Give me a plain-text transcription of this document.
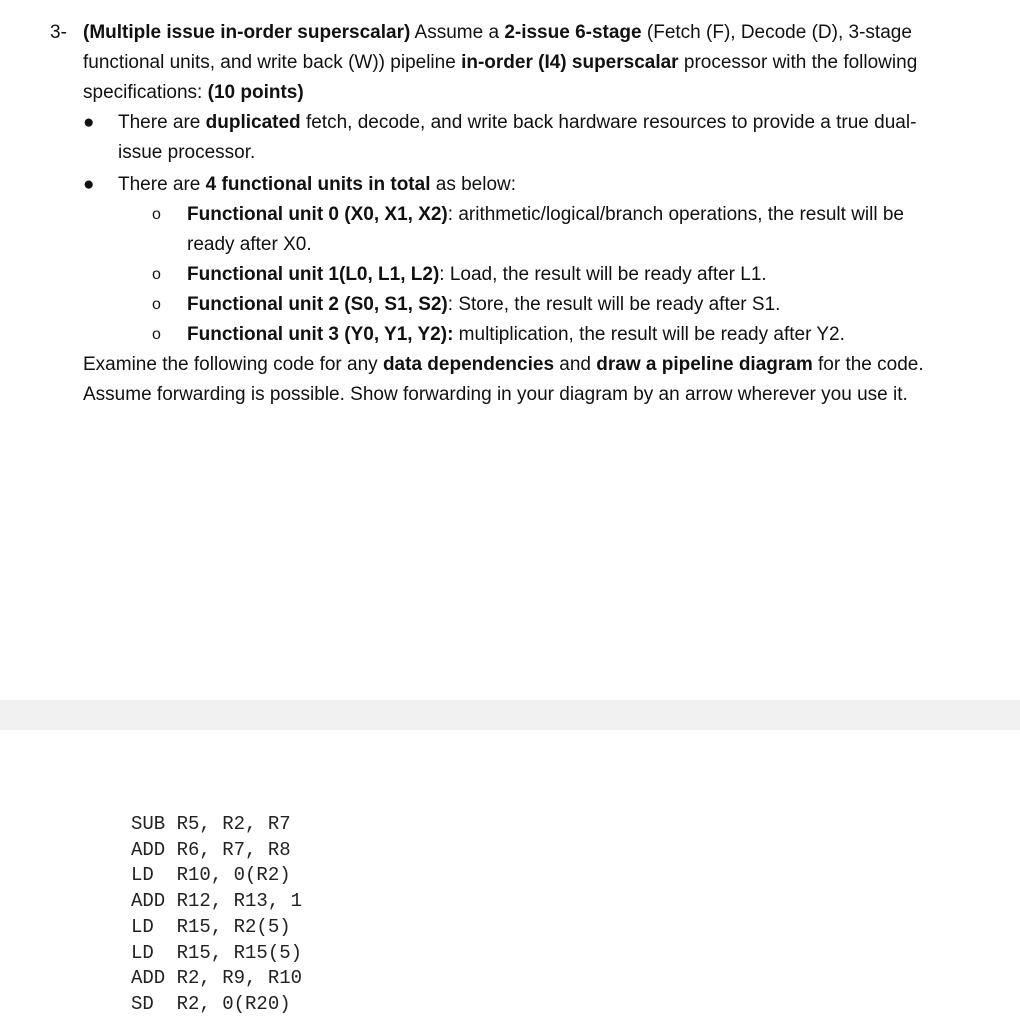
3- (Multiple issue in-order superscalar) Assume a 2-issue 6-stage (Fetch (F), Decode (D), 3-stage functional units, and write back (W)) pipeline in-order (I4) superscalar processor with the following specifications: (10 points)
● There are duplicated fetch, decode, and write back hardware resources to provide a true dual-issue processor.
● There are 4 functional units in total as below:
o Functional unit 0 (X0, X1, X2): arithmetic/logical/branch operations, the result will be ready after X0.
o Functional unit 1(L0, L1, L2): Load, the result will be ready after L1.
o Functional unit 2 (S0, S1, S2): Store, the result will be ready after S1.
o Functional unit 3 (Y0, Y1, Y2): multiplication, the result will be ready after Y2.
Examine the following code for any data dependencies and draw a pipeline diagram for the code. Assume forwarding is possible. Show forwarding in your diagram by an arrow wherever you use it.
SUB R5, R2, R7
ADD R6, R7, R8
LD  R10, 0(R2)
ADD R12, R13, 1
LD  R15, R2(5)
LD  R15, R15(5)
ADD R2, R9, R10
SD  R2, 0(R20)
